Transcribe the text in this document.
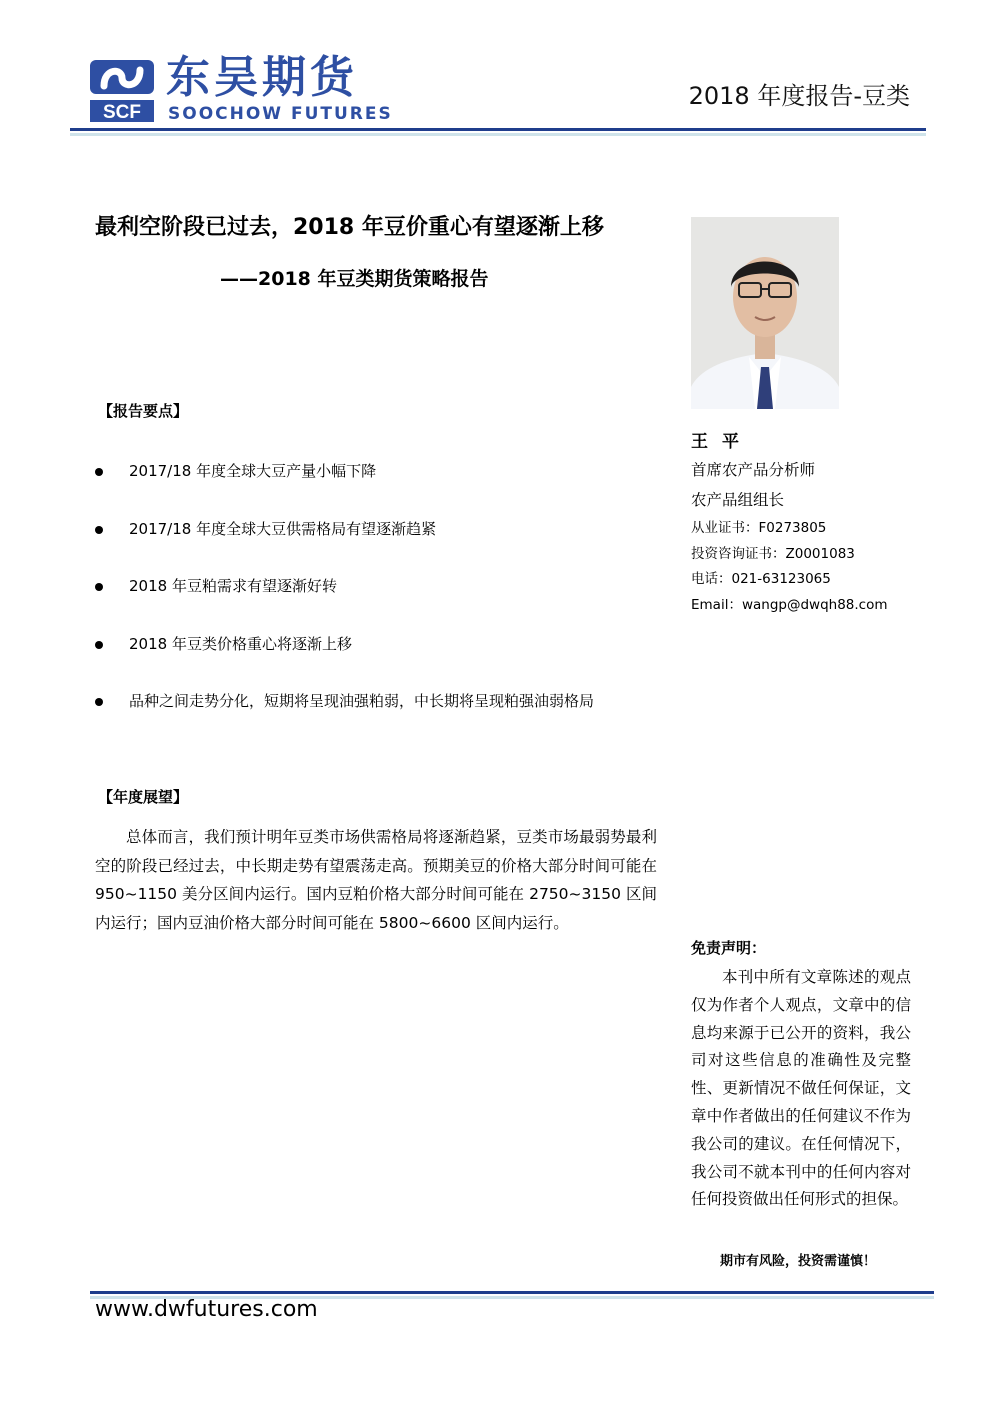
SCF
东吴期货
SOOCHOW FUTURES
2018 年度报告-豆类
最利空阶段已过去，2018 年豆价重心有望逐渐上移
——2018 年豆类期货策略报告
【报告要点】
2017/18 年度全球大豆产量小幅下降
2017/18 年度全球大豆供需格局有望逐渐趋紧
2018 年豆粕需求有望逐渐好转
2018 年豆类价格重心将逐渐上移
品种之间走势分化，短期将呈现油强粕弱，中长期将呈现粕强油弱格局
【年度展望】

总体而言，我们预计明年豆类市场供需格局将逐渐趋紧，豆类市场最弱势最利空的阶段已经过去，中长期走势有望震荡走高。预期美豆的价格大部分时间可能在 950~1150 美分区间内运行。国内豆粕价格大部分时间可能在 2750~3150 区间内运行；国内豆油价格大部分时间可能在 5800~6600 区间内运行。

王平
首席农产品分析师
农产品组组长
从业证书：F0273805
投资咨询证书：Z0001083
电话：021-63123065
Email：wangp@dwqh88.com
免责声明：

本刊中所有文章陈述的观点仅为作者个人观点，文章中的信息均来源于已公开的资料，我公司对这些信息的准确性及完整性、更新情况不做任何保证，文章中作者做出的任何建议不作为我公司的建议。在任何情况下，我公司不就本刊中的任何内容对任何投资做出任何形式的担保。

期市有风险，投资需谨慎！
www.dwfutures.com
